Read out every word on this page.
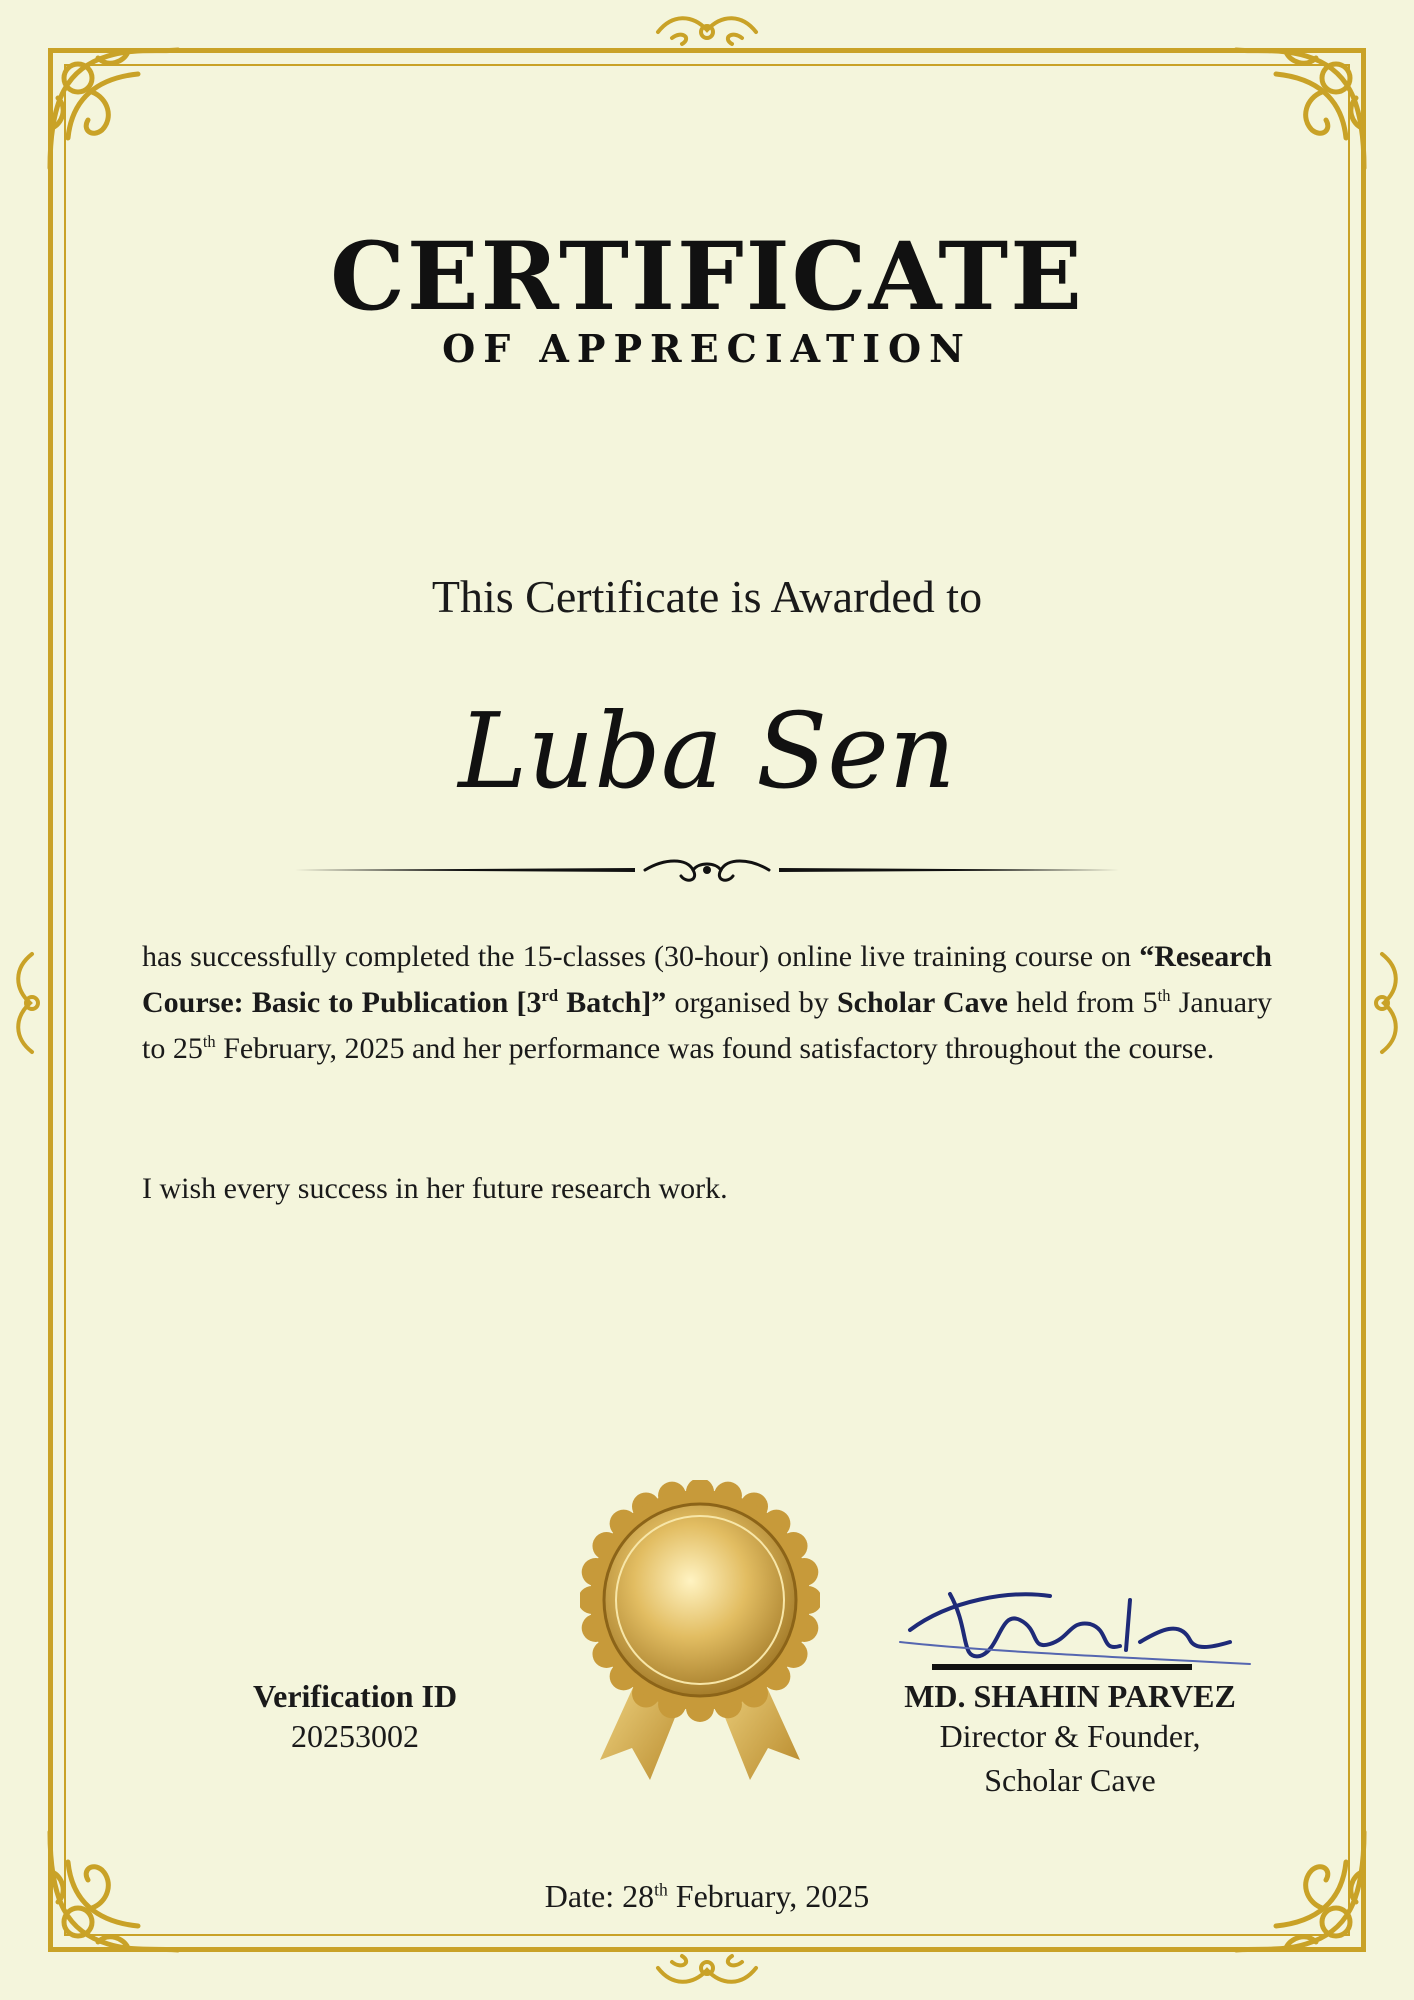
CERTIFICATE
OF APPRECIATION
This Certificate is Awarded to
Luba Sen
has successfully completed the 15-classes (30-hour) online live training course on “Research Course: Basic to Publication [3rd Batch]” organised by Scholar Cave held from 5th January to 25th February, 2025 and her performance was found satisfactory throughout the course.
I wish every success in her future research work.
Verification ID
20253002
MD. SHAHIN PARVEZ
Director & Founder,
Scholar Cave
Date: 28th February, 2025
